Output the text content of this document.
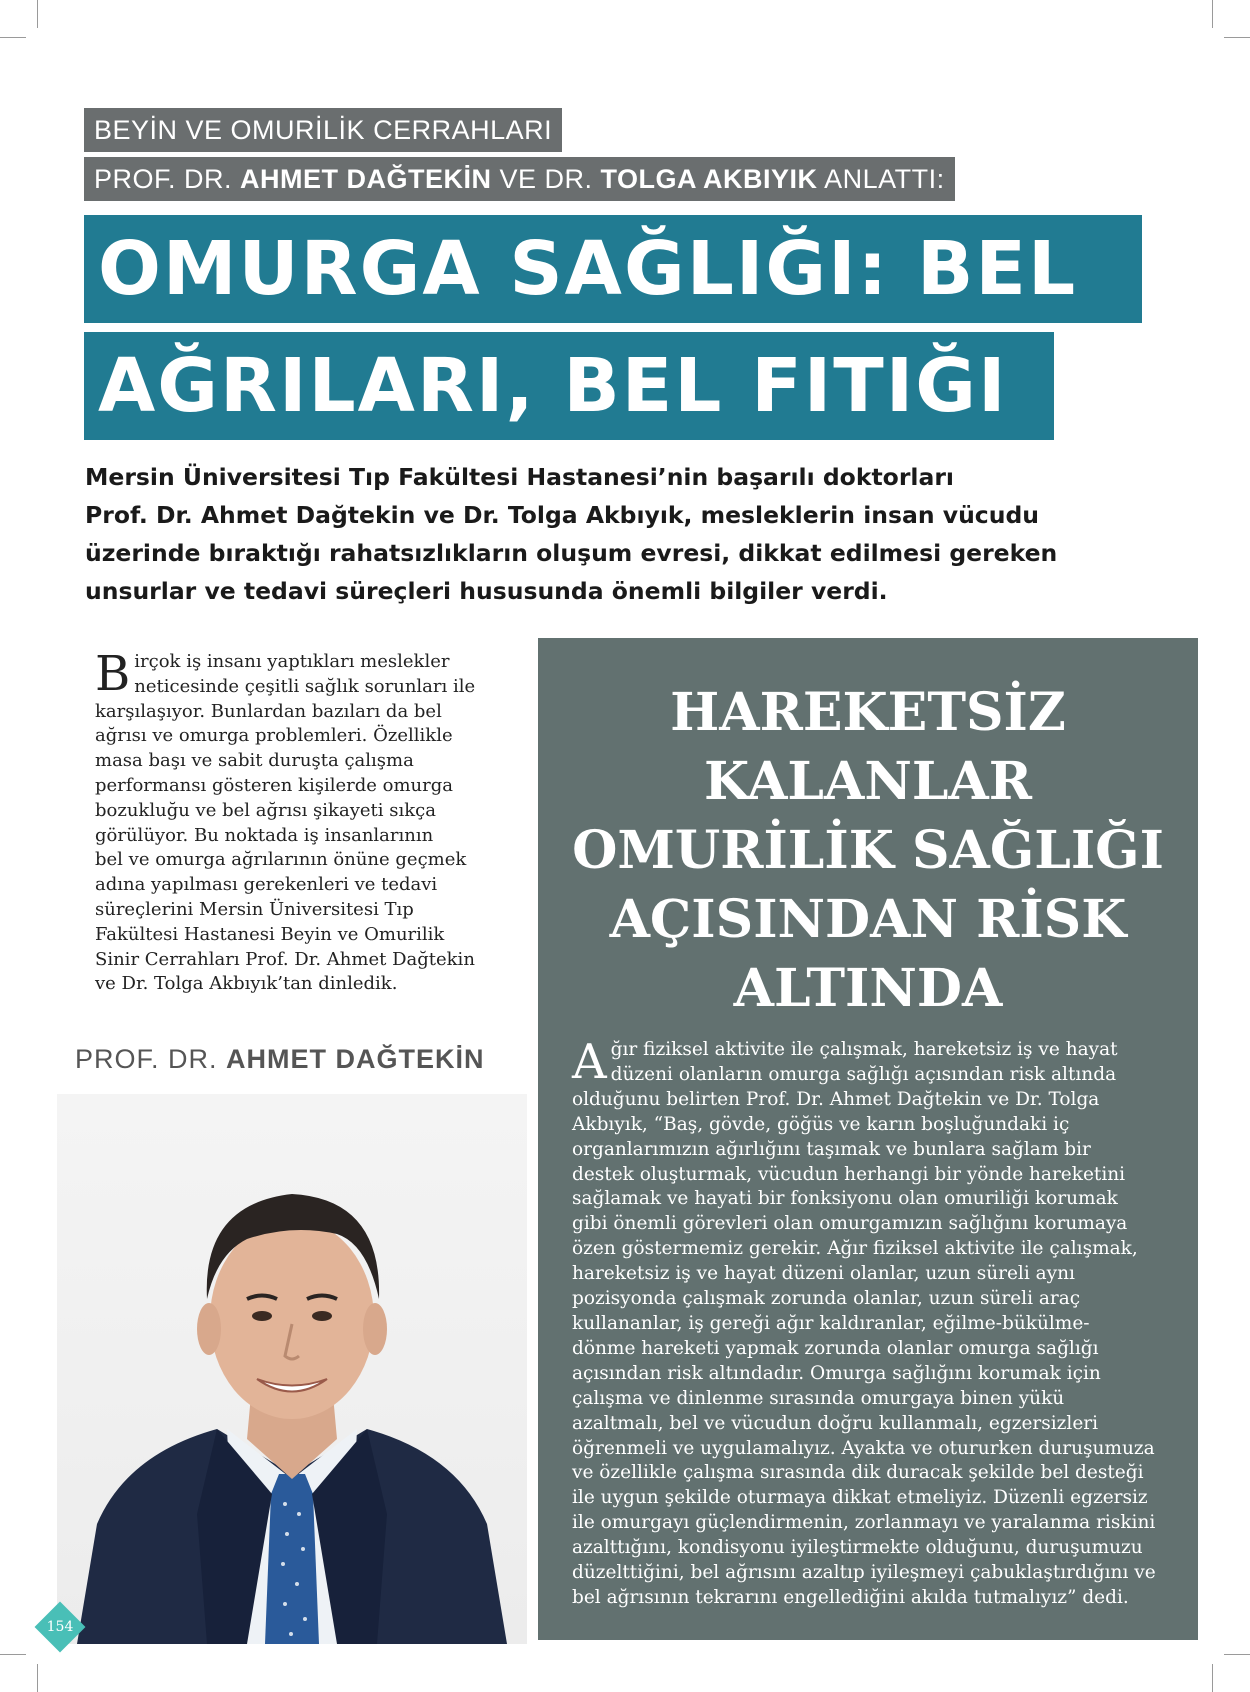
BEYİN VE OMURİLİK CERRAHLARI
PROF. DR. AHMET DAĞTEKİN VE DR. TOLGA AKBIYIK ANLATTI:
OMURGA SAĞLIĞI: BEL
AĞRILARI, BEL FITIĞI
Mersin Üniversitesi Tıp Fakültesi Hastanesi’nin başarılı doktorları
Prof. Dr. Ahmet Dağtekin ve Dr. Tolga Akbıyık, mesleklerin insan vücudu
üzerinde bıraktığı rahatsızlıkların oluşum evresi, dikkat edilmesi gereken
unsurlar ve tedavi süreçleri hususunda önemli bilgiler verdi.
B irçok iş insanı yaptıkları meslekler
neticesinde çeşitli sağlık sorunları ile
karşılaşıyor. Bunlardan bazıları da bel
ağrısı ve omurga problemleri. Özellikle
masa başı ve sabit duruşta çalışma
performansı gösteren kişilerde omurga
bozukluğu ve bel ağrısı şikayeti sıkça
görülüyor. Bu noktada iş insanlarının
bel ve omurga ağrılarının önüne geçmek
adına yapılması gerekenleri ve tedavi
süreçlerini Mersin Üniversitesi Tıp
Fakültesi Hastanesi Beyin ve Omurilik
Sinir Cerrahları Prof. Dr. Ahmet Dağtekin
ve Dr. Tolga Akbıyık’tan dinledik.
PROF. DR. AHMET DAĞTEKİN
HAREKETSİZ
KALANLAR
OMURİLİK SAĞLIĞI
AÇISINDAN RİSK
ALTINDA
A ğır fiziksel aktivite ile çalışmak, hareketsiz iş ve hayat
düzeni olanların omurga sağlığı açısından risk altında
olduğunu belirten Prof. Dr. Ahmet Dağtekin ve Dr. Tolga
Akbıyık, “Baş, gövde, göğüs ve karın boşluğundaki iç
organlarımızın ağırlığını taşımak ve bunlara sağlam bir
destek oluşturmak, vücudun herhangi bir yönde hareketini
sağlamak ve hayati bir fonksiyonu olan omuriliği korumak
gibi önemli görevleri olan omurgamızın sağlığını korumaya
özen göstermemiz gerekir. Ağır fiziksel aktivite ile çalışmak,
hareketsiz iş ve hayat düzeni olanlar, uzun süreli aynı
pozisyonda çalışmak zorunda olanlar, uzun süreli araç
kullananlar, iş gereği ağır kaldıranlar, eğilme-bükülme-
dönme hareketi yapmak zorunda olanlar omurga sağlığı
açısından risk altındadır. Omurga sağlığını korumak için
çalışma ve dinlenme sırasında omurgaya binen yükü
azaltmalı, bel ve vücudun doğru kullanmalı, egzersizleri
öğrenmeli ve uygulamalıyız. Ayakta ve otururken duruşumuza
ve özellikle çalışma sırasında dik duracak şekilde bel desteği
ile uygun şekilde oturmaya dikkat etmeliyiz. Düzenli egzersiz
ile omurgayı güçlendirmenin, zorlanmayı ve yaralanma riskini
azalttığını, kondisyonu iyileştirmekte olduğunu, duruşumuzu
düzelttiğini, bel ağrısını azaltıp iyileşmeyi çabuklaştırdığını ve
bel ağrısının tekrarını engellediğini akılda tutmalıyız” dedi.
154
